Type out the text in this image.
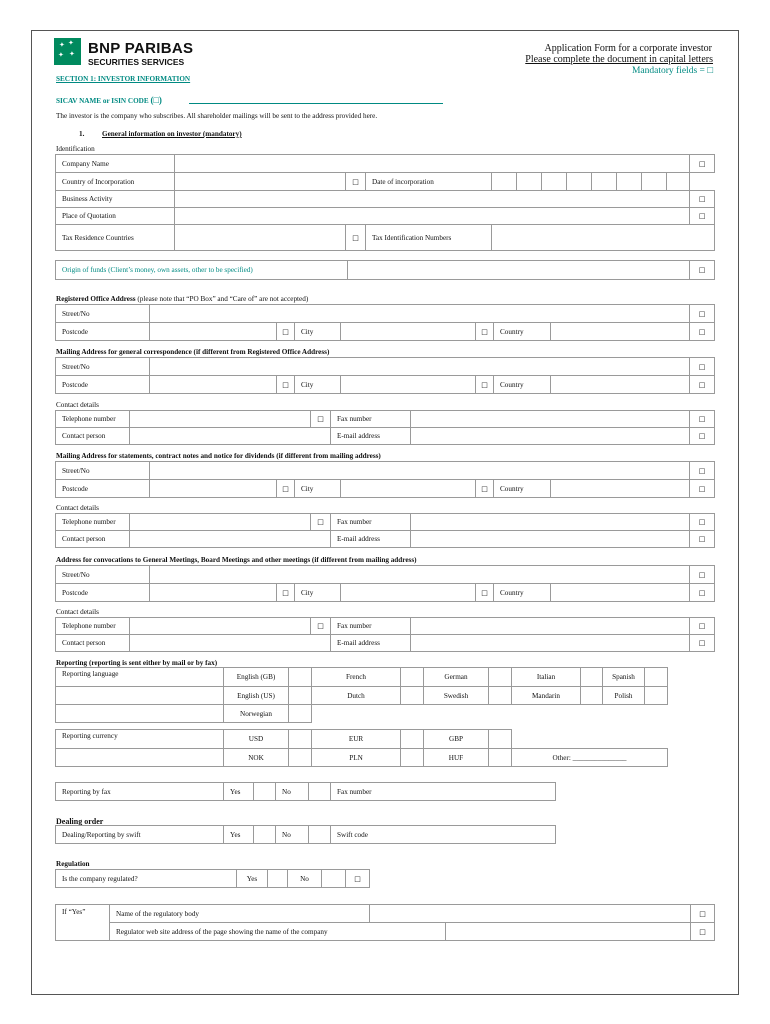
✦ ✦
✦ ✦ BNP PARIBAS
SECURITIES SERVICES
Application Form for a corporate investor
Please complete the document in capital letters
Mandatory fields = □
SECTION 1: INVESTOR INFORMATION
SICAV NAME or ISIN CODE (□)
The investor is the company who subscribes. All shareholder mailings will be sent to the address provided here.
1. General information on investor (mandatory)
Identification
Company Name												□
Country of Incorporation		□	Date of incorporation									
Business Activity												□
Place of Quotation												□
Tax Residence Countries		□	Tax Identification Numbers									
Origin of funds (Client’s money, own assets, other to be specified)		□
Registered Office Address (please note that “PO Box” and “Care of” are not accepted)
Street/No								□
Postcode		□	City		□	Country		□
Mailing Address for general correspondence (if different from Registered Office Address)
Street/No								□
Postcode		□	City		□	Country		□
Contact details
Telephone number		□	Fax number		□
Contact person			E-mail address		□
Mailing Address for statements, contract notes and notice for dividends (if different from mailing address)
Street/No								□
Postcode		□	City		□	Country		□
Contact details
Telephone number		□	Fax number		□
Contact person			E-mail address		□
Address for convocations to General Meetings, Board Meetings and other meetings (if different from mailing address)
Street/No								□
Postcode		□	City		□	Country		□
Contact details
Telephone number		□	Fax number		□
Contact person			E-mail address		□
Reporting (reporting is sent either by mail or by fax)
Reporting language	English (GB)		French		German		Italian		Spanish	
	English (US)		Dutch		Swedish		Mandarin		Polish	
	Norwegian									
Reporting currency	USD		EUR		GBP		
	NOK		PLN		HUF		Other: _______________
Reporting by fax	Yes		No		Fax number
Dealing order
Dealing/Reporting by swift	Yes		No		Swift code
Regulation
Is the company regulated?	Yes		No		□
If “Yes”	Name of the regulatory body			□
	Regulator web site address of the page showing the name of the company			□
